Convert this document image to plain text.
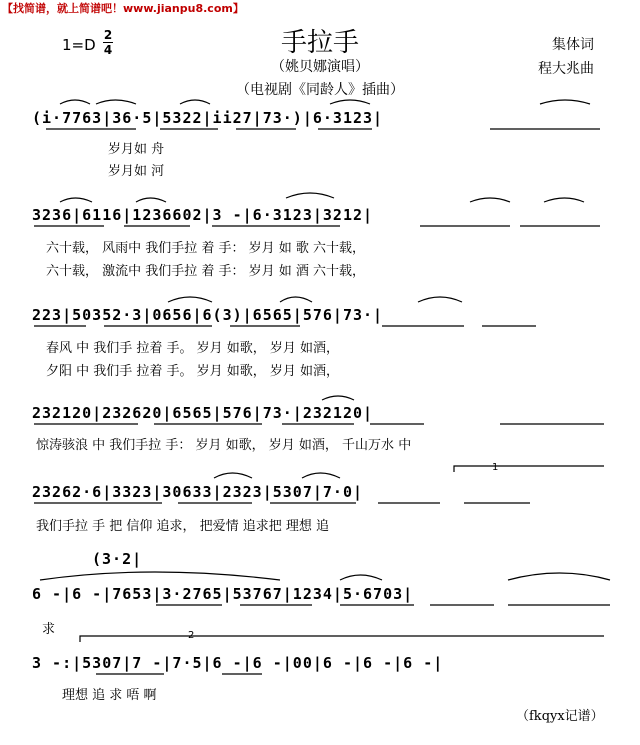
【找简谱，就上简谱吧！www.jianpu8.com】
手拉手
1=D
2
4	集体词
程大兆曲
（姚贝娜演唱）
（电视剧《同龄人》插曲）
(i·7763|36·5|5322|ii27|73·)|6·3123|
岁月如 舟
岁月如 河
3236|6116|1236602|3 -|6·3123|3212|
六十载， 风雨中 我们手拉 着 手： 岁月 如 歌 六十载，
六十载， 激流中 我们手拉 着 手： 岁月 如 酒 六十载，
223|50352·3|0656|6(3)|6565|576|73·|
春风 中 我们手 拉着 手。 岁月 如歌， 岁月 如酒，
夕阳 中 我们手 拉着 手。 岁月 如歌， 岁月 如酒，
232120|232620|6565|576|73·|232120|
惊涛骇浪 中 我们手拉 手： 岁月 如歌， 岁月 如酒， 千山万水 中
23262·6|3323|30633|2323|5307|7·0|
我们手拉 手 把 信仰 追求， 把爱情 追求把 理想 追
(3·2|
6 -|6 -|7653|3·2765|53767|1234|5·6703|
求
3 -:|5307|7 -|7·5|6 -|6 -|00|6 -|6 -|6 -|
理想 追 求 唔 啊
1
2
（fkqyx记谱）
